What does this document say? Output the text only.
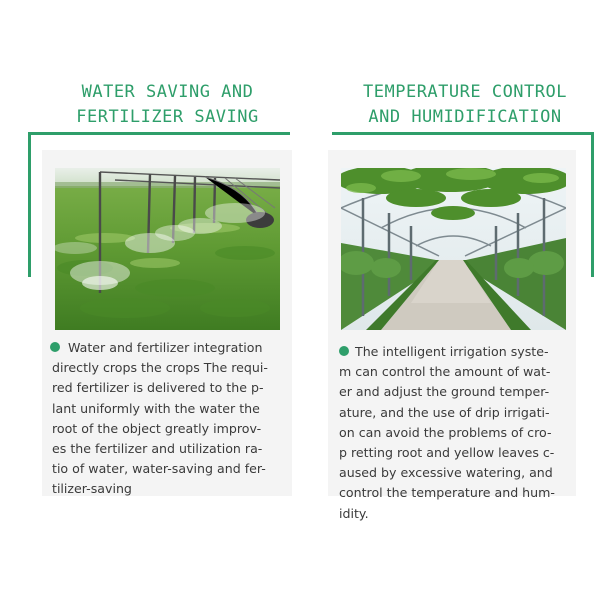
WATER SAVING AND
FERTILIZER SAVING
TEMPERATURE CONTROL
AND HUMIDIFICATION
Water and fertilizer integration
directly crops the crops The requi-
red fertilizer is delivered to the p-
lant uniformly with the water the
root of the object greatly improv-
es the fertilizer and utilization ra-
tio of water, water-saving and fer-
tilizer-saving
The intelligent irrigation syste-
m can control the amount of wat-
er and adjust the ground temper-
ature, and the use of drip irrigati-
on can avoid the problems of cro-
p retting root and yellow leaves c-
aused by excessive watering, and
control the temperature and hum-
idity.
